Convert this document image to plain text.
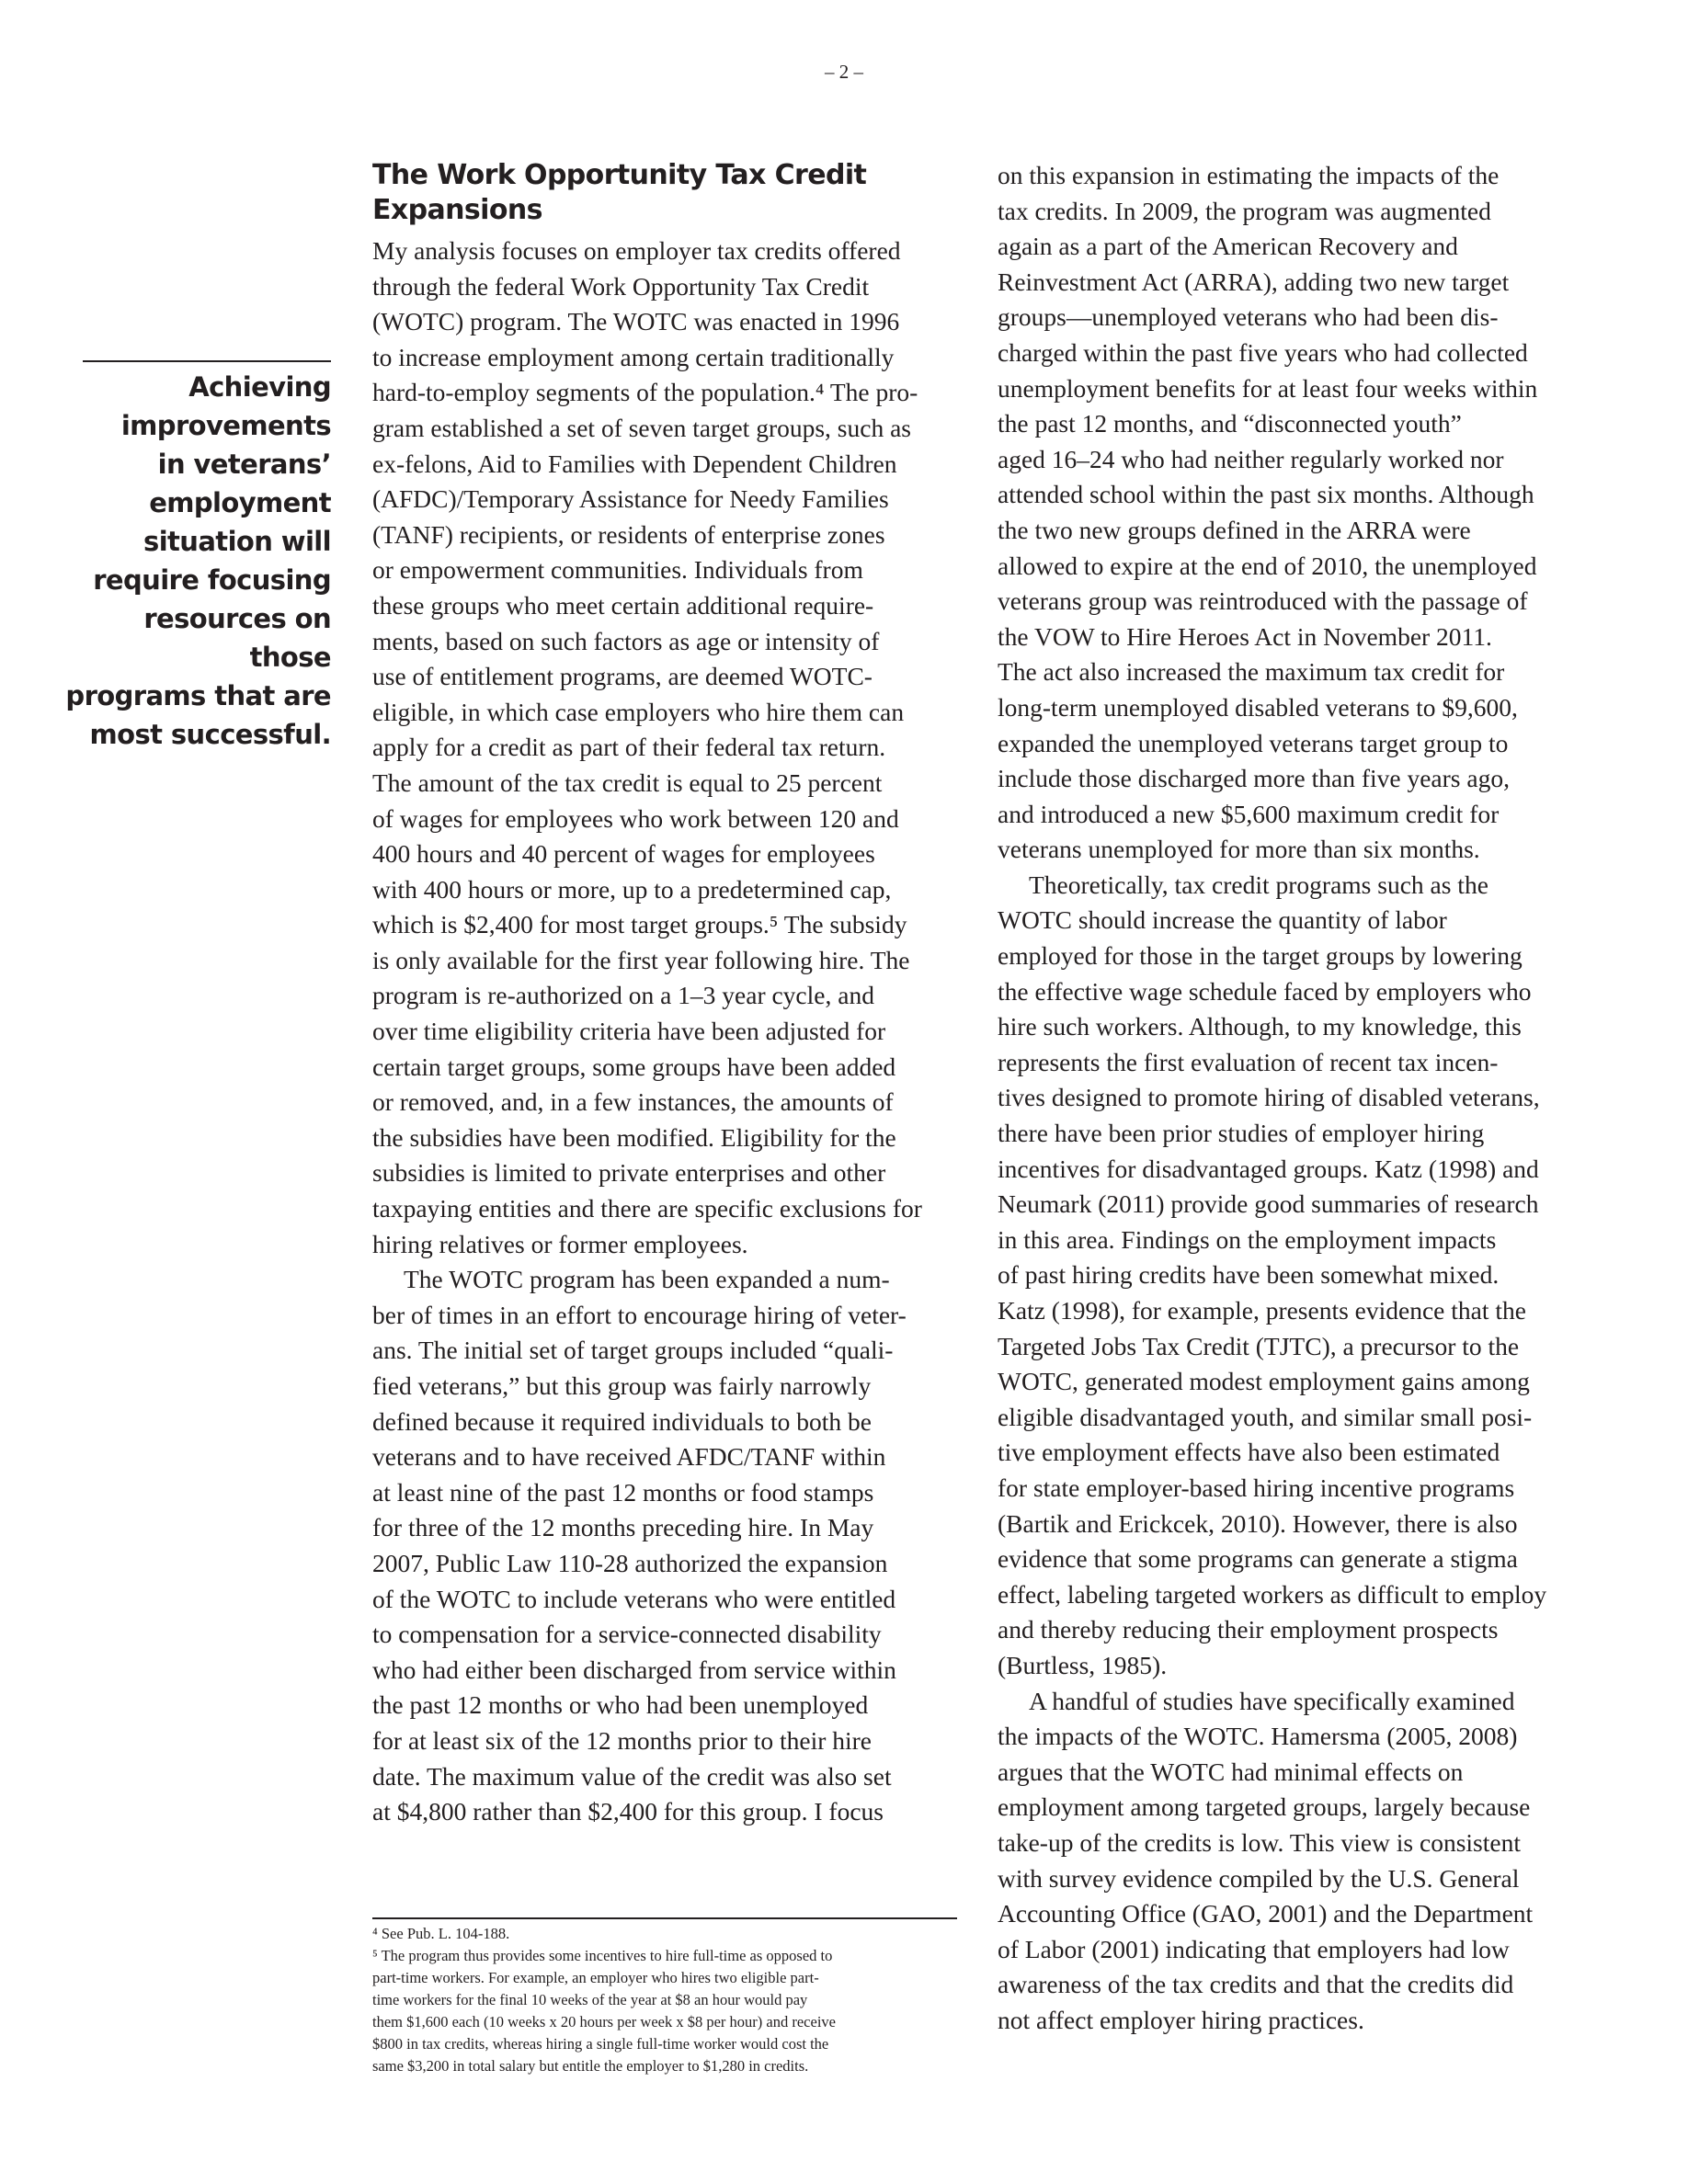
– 2 –
Achieving
improvements
in veterans’
employment
situation will
require focusing
resources on those
programs that are
most successful.
The Work Opportunity Tax Credit
Expansions
My analysis focuses on employer tax credits offered
through the federal Work Opportunity Tax Credit
(WOTC) program. The WOTC was enacted in 1996
to increase employment among certain traditionally
hard-to-employ segments of the population.⁴ The pro-
gram established a set of seven target groups, such as
ex-felons, Aid to Families with Dependent Children
(AFDC)/Temporary Assistance for Needy Families
(TANF) recipients, or residents of enterprise zones
or empowerment communities. Individuals from
these groups who meet certain additional require-
ments, based on such factors as age or intensity of
use of entitlement programs, are deemed WOTC-
eligible, in which case employers who hire them can
apply for a credit as part of their federal tax return.
The amount of the tax credit is equal to 25 percent
of wages for employees who work between 120 and
400 hours and 40 percent of wages for employees
with 400 hours or more, up to a predetermined cap,
which is $2,400 for most target groups.⁵ The subsidy
is only available for the first year following hire. The
program is re-authorized on a 1–3 year cycle, and
over time eligibility criteria have been adjusted for
certain target groups, some groups have been added
or removed, and, in a few instances, the amounts of
the subsidies have been modified. Eligibility for the
subsidies is limited to private enterprises and other
taxpaying entities and there are specific exclusions for
hiring relatives or former employees.
The WOTC program has been expanded a num-
ber of times in an effort to encourage hiring of veter-
ans. The initial set of target groups included “quali-
fied veterans,” but this group was fairly narrowly
defined because it required individuals to both be
veterans and to have received AFDC/TANF within
at least nine of the past 12 months or food stamps
for three of the 12 months preceding hire. In May
2007, Public Law 110-28 authorized the expansion
of the WOTC to include veterans who were entitled
to compensation for a service-connected disability
who had either been discharged from service within
the past 12 months or who had been unemployed
for at least six of the 12 months prior to their hire
date. The maximum value of the credit was also set
at $4,800 rather than $2,400 for this group. I focus
on this expansion in estimating the impacts of the
tax credits. In 2009, the program was augmented
again as a part of the American Recovery and
Reinvestment Act (ARRA), adding two new target
groups—unemployed veterans who had been dis-
charged within the past five years who had collected
unemployment benefits for at least four weeks within
the past 12 months, and “disconnected youth”
aged 16–24 who had neither regularly worked nor
attended school within the past six months. Although
the two new groups defined in the ARRA were
allowed to expire at the end of 2010, the unemployed
veterans group was reintroduced with the passage of
the VOW to Hire Heroes Act in November 2011.
The act also increased the maximum tax credit for
long-term unemployed disabled veterans to $9,600,
expanded the unemployed veterans target group to
include those discharged more than five years ago,
and introduced a new $5,600 maximum credit for
veterans unemployed for more than six months.
Theoretically, tax credit programs such as the
WOTC should increase the quantity of labor
employed for those in the target groups by lowering
the effective wage schedule faced by employers who
hire such workers. Although, to my knowledge, this
represents the first evaluation of recent tax incen-
tives designed to promote hiring of disabled veterans,
there have been prior studies of employer hiring
incentives for disadvantaged groups. Katz (1998) and
Neumark (2011) provide good summaries of research
in this area. Findings on the employment impacts
of past hiring credits have been somewhat mixed.
Katz (1998), for example, presents evidence that the
Targeted Jobs Tax Credit (TJTC), a precursor to the
WOTC, generated modest employment gains among
eligible disadvantaged youth, and similar small posi-
tive employment effects have also been estimated
for state employer-based hiring incentive programs
(Bartik and Erickcek, 2010). However, there is also
evidence that some programs can generate a stigma
effect, labeling targeted workers as difficult to employ
and thereby reducing their employment prospects
(Burtless, 1985).
A handful of studies have specifically examined
the impacts of the WOTC. Hamersma (2005, 2008)
argues that the WOTC had minimal effects on
employment among targeted groups, largely because
take-up of the credits is low. This view is consistent
with survey evidence compiled by the U.S. General
Accounting Office (GAO, 2001) and the Department
of Labor (2001) indicating that employers had low
awareness of the tax credits and that the credits did
not affect employer hiring practices.
⁴ See Pub. L. 104-188.
⁵ The program thus provides some incentives to hire full-time as opposed to
part-time workers. For example, an employer who hires two eligible part-
time workers for the final 10 weeks of the year at $8 an hour would pay
them $1,600 each (10 weeks x 20 hours per week x $8 per hour) and receive
$800 in tax credits, whereas hiring a single full-time worker would cost the
same $3,200 in total salary but entitle the employer to $1,280 in credits.
